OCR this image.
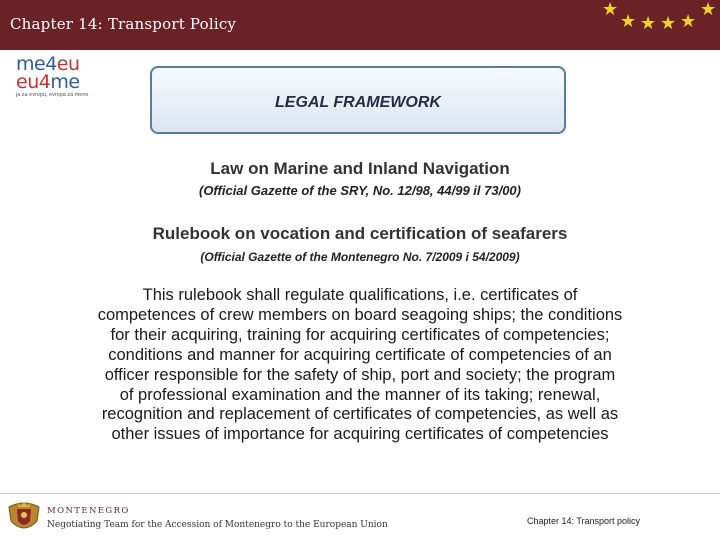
Chapter 14: Transport Policy
★
★ ★ ★ ★
★
me4eu
eu4me
ja za evropu, evropa za mene	LEGAL FRAMEWORK
Law on Marine and Inland Navigation
(Official Gazette of the SRY, No. 12/98, 44/99 il 73/00)
Rulebook on vocation and certification of seafarers
(Official Gazette of the Montenegro No. 7/2009 i 54/2009)
This rulebook shall regulate qualifications, i.e. certificates of
competences of crew members on board seagoing ships; the conditions
for their acquiring, training for acquiring certificates of competencies;
conditions and manner for acquiring certificate of competencies of an
officer responsible for the safety of ship, port and society; the program
of professional examination and the manner of its taking; renewal,
recognition and replacement of certificates of competencies, as well as
other issues of importance for acquiring certificates of competencies
MONTENEGRO
Negotiating Team for the Accession of Montenegro to the European Union	Chapter 14: Transport policy
